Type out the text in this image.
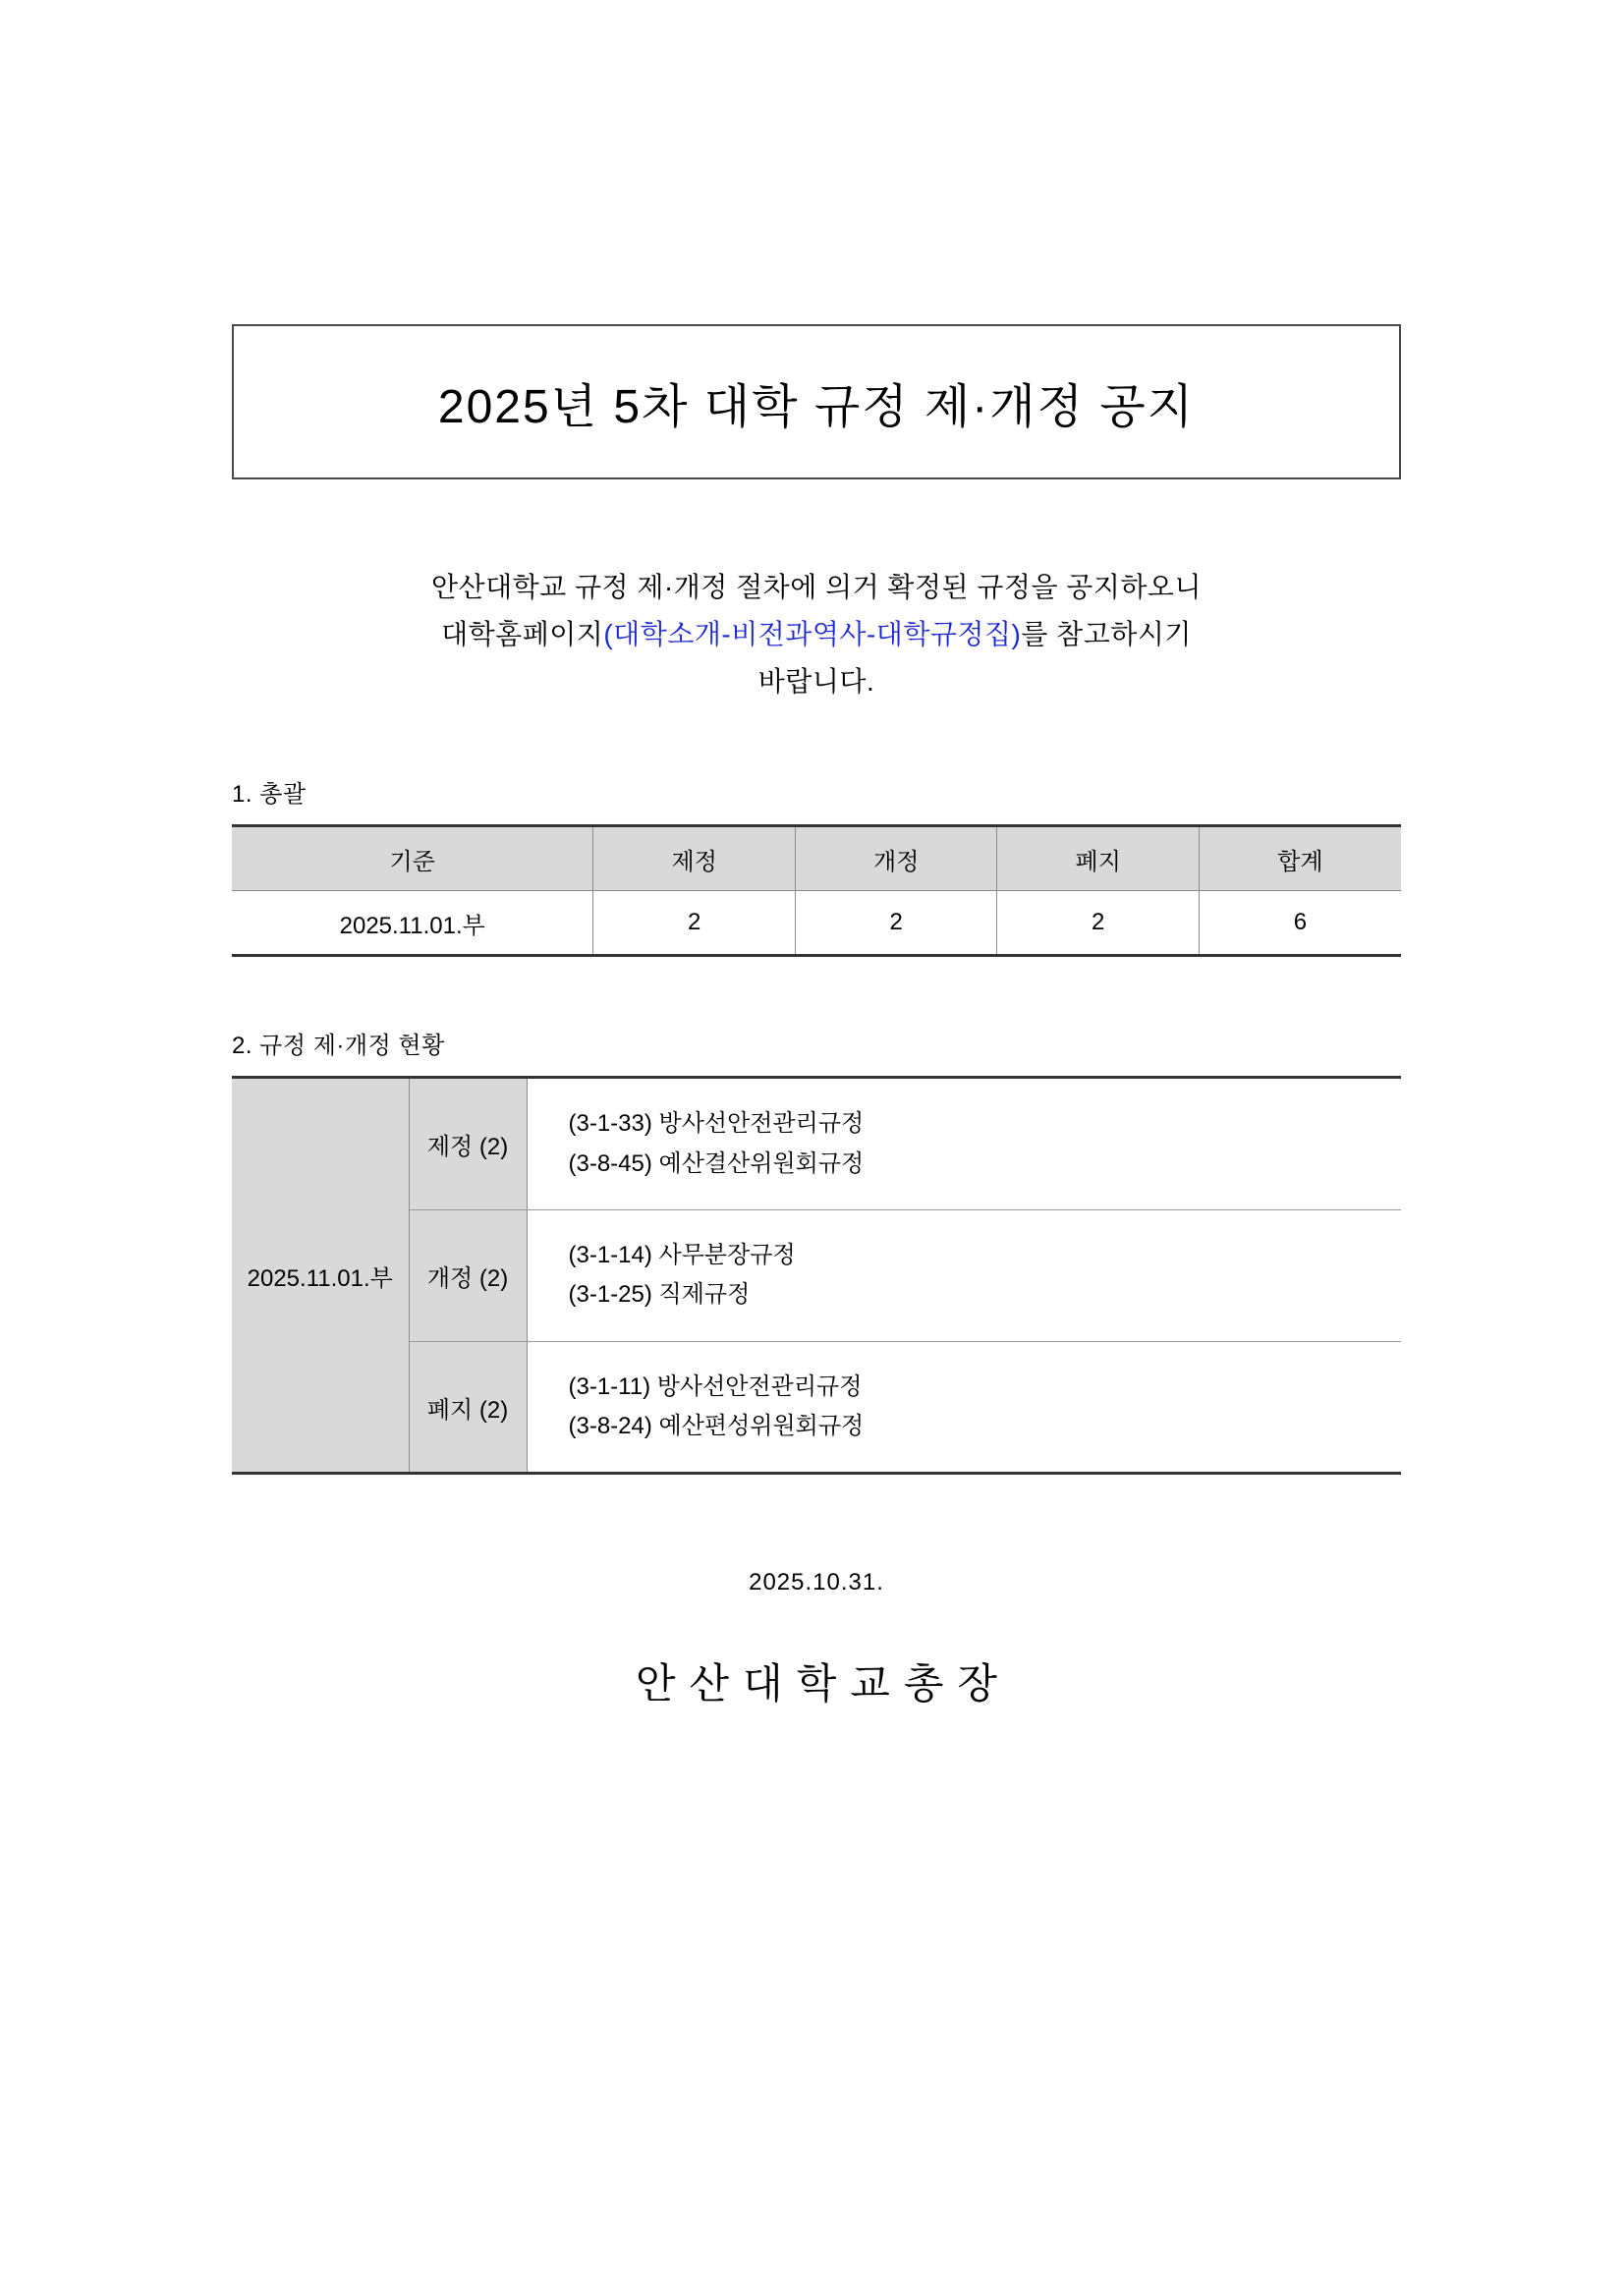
2025년 5차 대학 규정 제·개정 공지
안산대학교 규정 제·개정 절차에 의거 확정된 규정을 공지하오니
대학홈페이지(대학소개-비전과역사-대학규정집)를 참고하시기
바랍니다.
1. 총괄
기준	제정	개정	폐지	합계
2025.11.01.부	2	2	2	6
2. 규정 제·개정 현황
2025.11.01.부	제정 (2)	(3-1-33) 방사선안전관리규정
(3-8-45) 예산결산위원회규정

	개정 (2)	(3-1-14) 사무분장규정
(3-1-25) 직제규정

	폐지 (2)	(3-1-11) 방사선안전관리규정
(3-8-24) 예산편성위원회규정
2025.10.31.
안산대학교총장
